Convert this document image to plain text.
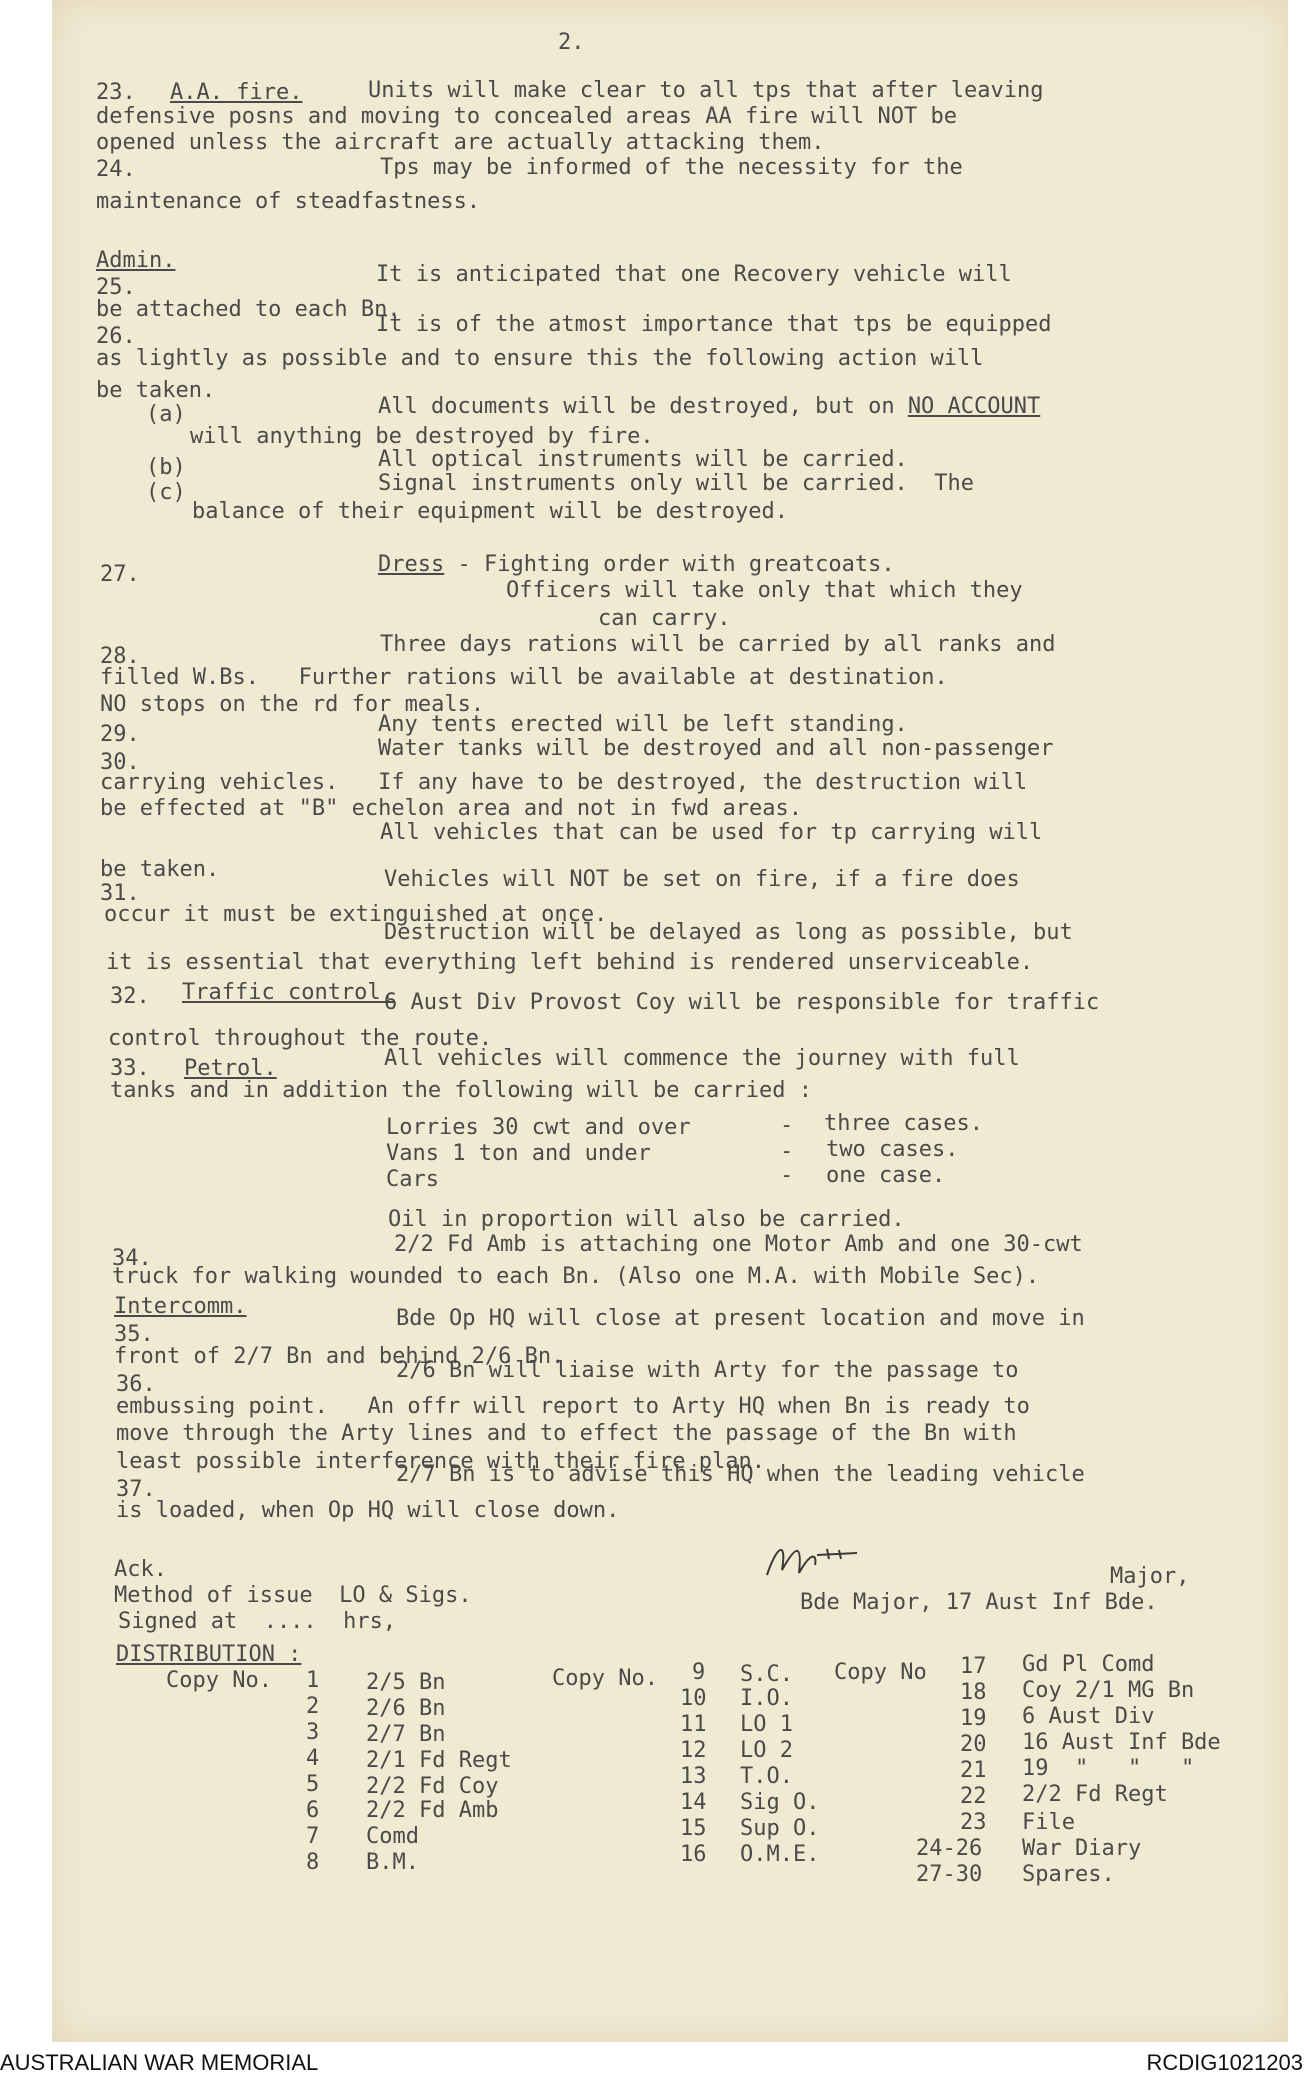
2.
23. A.A. fire.	Units will make clear to all tps that after leaving
defensive posns and moving to concealed areas AA fire will NOT be
opened unless the aircraft are actually attacking them.
24.	Tps may be informed of the necessity for the
maintenance of steadfastness.
Admin.
25.
It is anticipated that one Recovery vehicle will
be attached to each Bn.
26.	It is of the atmost importance that tps be equipped
as lightly as possible and to ensure this the following action will
be taken.
(a)	All documents will be destroyed, but on NO ACCOUNT
will anything be destroyed by fire.
(b)	All optical instruments will be carried.
(c)	Signal instruments only will be carried.  The
balance of their equipment will be destroyed.
27.	Dress - Fighting order with greatcoats.
Officers will take only that which they
can carry.
28.	Three days rations will be carried by all ranks and
filled W.Bs.   Further rations will be available at destination.
NO stops on the rd for meals.
29.	Any tents erected will be left standing.
30.
Water tanks will be destroyed and all non-passenger
carrying vehicles.   If any have to be destroyed, the destruction will
be effected at "B" echelon area and not in fwd areas.
All vehicles that can be used for tp carrying will
be taken.
31.
Vehicles will NOT be set on fire, if a fire does
occur it must be extinguished at once.
Destruction will be delayed as long as possible, but
it is essential that everything left behind is rendered unserviceable.
32. Traffic control.
6 Aust Div Provost Coy will be responsible for traffic
control throughout the route.
33. Petrol.	All vehicles will commence the journey with full
tanks and in addition the following will be carried :
Lorries 30 cwt and over	- three cases.
Vans 1 ton and under	- two cases.
Cars	- one case.
Oil in proportion will also be carried.
34.
2/2 Fd Amb is attaching one Motor Amb and one 30-cwt
truck for walking wounded to each Bn. (Also one M.A. with Mobile Sec).
Intercomm.
35.
Bde Op HQ will close at present location and move in
front of 2/7 Bn and behind 2/6 Bn.
36.
2/6 Bn will liaise with Arty for the passage to
embussing point.   An offr will report to Arty HQ when Bn is ready to
move through the Arty lines and to effect the passage of the Bn with
least possible interference with their fire plan.
37.
2/7 Bn is to advise this HQ when the leading vehicle
is loaded, when Op HQ will close down.
Ack.
Method of issue  LO & Sigs.
Signed at  ....  hrs,
Major,
Bde Major, 17 Aust Inf Bde.
DISTRIBUTION :
Copy No.	Copy No.	Copy No
1 2/5 Bn
2 2/6 Bn
3 2/7 Bn
4 2/1 Fd Regt
5 2/2 Fd Coy
6 2/2 Fd Amb
7 Comd
8 B.M.
9 S.C.
10 I.O.
11 LO 1
12 LO 2
13 T.O.
14 Sig O.
15 Sup O.
16 O.M.E.
17 Gd Pl Comd
18 Coy 2/1 MG Bn
19 6 Aust Div
20 16 Aust Inf Bde
21 19  "   "   "
22 2/2 Fd Regt
23 File
24-26 War Diary
27-30 Spares.
AUSTRALIAN WAR MEMORIAL	RCDIG1021203
